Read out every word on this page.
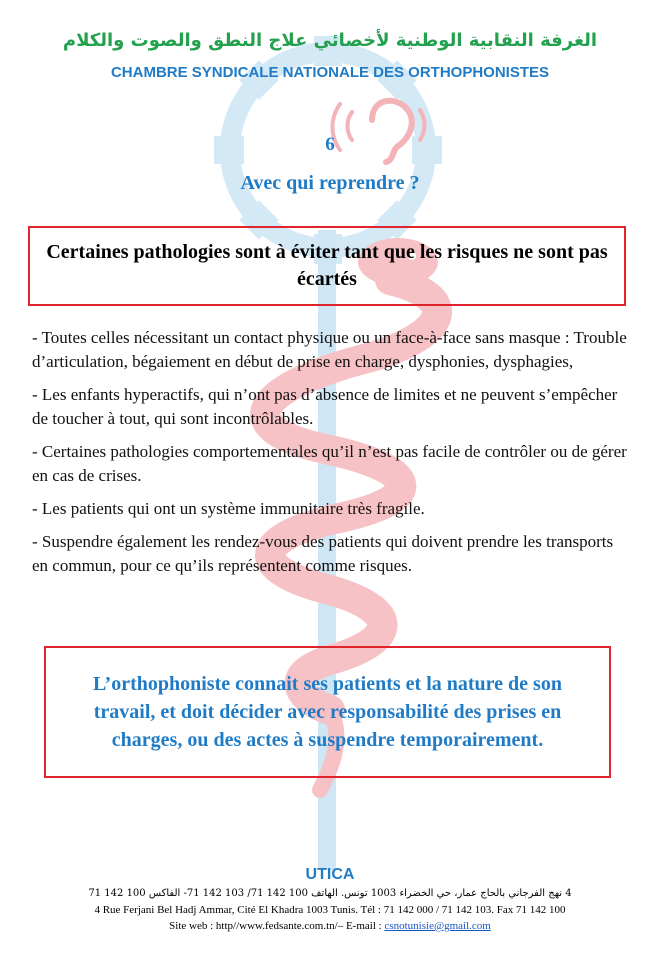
الغرفة النقابية الوطنية لأخصائي علاج النطق والصوت والكلام
CHAMBRE SYNDICALE NATIONALE DES ORTHOPHONISTES
6
Avec qui reprendre ?
Certaines pathologies sont à éviter tant que les risques ne sont pas écartés

- Toutes celles nécessitant un contact physique ou un face-à-face sans masque : Trouble d’articulation, bégaiement en début de prise en charge, dysphonies, dysphagies,

- Les enfants hyperactifs, qui n’ont pas d’absence de limites et ne peuvent s’empêcher de toucher à tout, qui sont incontrôlables.

- Certaines pathologies comportementales qu’il n’est pas facile de contrôler ou de gérer en cas de crises.

- Les patients qui ont un système immunitaire très fragile.

- Suspendre également les rendez-vous des patients qui doivent prendre les transports en commun, pour ce qu’ils représentent comme risques.

L’orthophoniste connait ses patients et la nature de son travail, et doit décider avec responsabilité des prises en charges, ou des actes à suspendre temporairement.
UTICA
4 نهج الفرجاني بالحاج عمار، حي الخضراء 1003 تونس. الهاتف 100 142 71/ 103 142 71- الفاكس 100 142 71
4 Rue Ferjani Bel Hadj Ammar, Cité El Khadra 1003 Tunis. Tél : 71 142 000 / 71 142 103. Fax 71 142 100
Site web : http//www.fedsante.com.tn/– E-mail : csnotunisie@gmail.com
